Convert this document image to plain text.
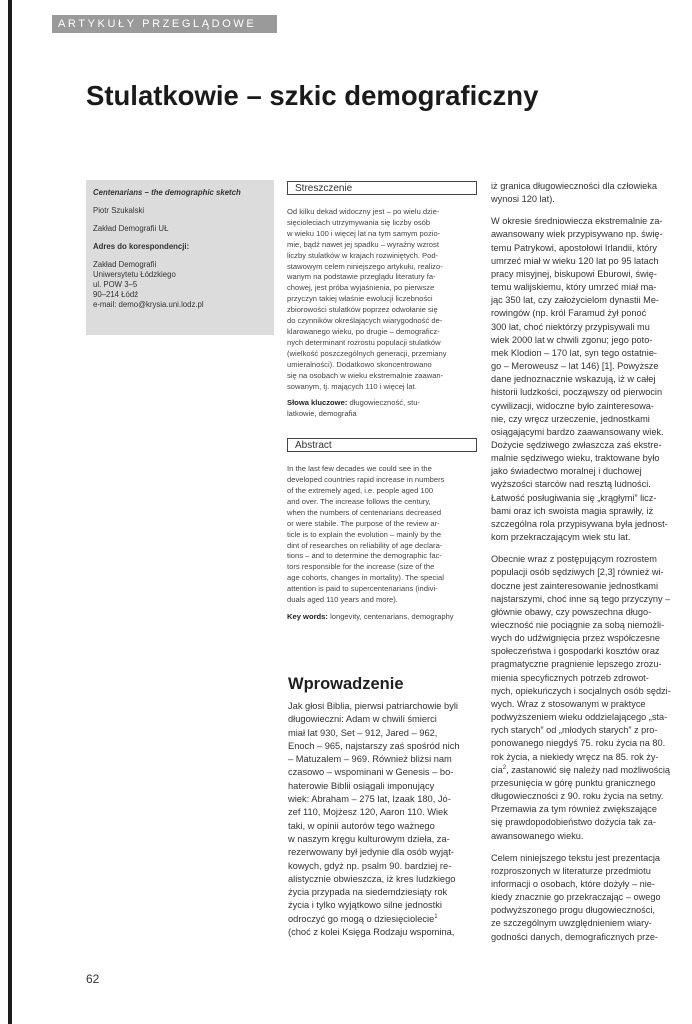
ARTYKUŁY PRZEGLĄDOWE
Stulatkowie – szkic demograficzny

Centenarians – the demographic sketch

Piotr Szukalski

Zakład Demografii UŁ

Adres do korespondencji:

Zakład Demografii

Uniwersytetu Łódzkiego

ul. POW 3–5

90–214 Łódź

e-mail: demo@krysia.uni.lodz.pl

Streszczenie

Od kilku dekad widoczny jest – po wielu dzie-

sięcioleciach utrzymywania się liczby osób

w wieku 100 i więcej lat na tym samym pozio-

mie, bądź nawet jej spadku – wyraźny wzrost

liczby stulatków w krajach rozwiniętych. Pod-

stawowym celem niniejszego artykułu, realizo-

wanym na podstawie przeglądu literatury fa-

chowej, jest próba wyjaśnienia, po pierwsze

przyczyn takiej właśnie ewolucji liczebności

zbiorowości stulatków poprzez odwołanie się

do czynników określających wiarygodność de-

klarowanego wieku, po drugie – demograficz-

nych determinant rozrostu populacji stulatków

(wielkość poszczególnych generacji, przemiany

umieralności). Dodatkowo skoncentrowano

się na osobach w wieku ekstremalnie zaawan-

sowanym, tj. mających 110 i więcej lat.

Słowa kluczowe: długowieczność, stu-
latkowie, demografia
Abstract

In the last few decades we could see in the

developed countries rapid increase in numbers

of the extremely aged, i.e. people aged 100

and over. The increase follows the century,

when the numbers of centenarians decreased

or were stabile. The purpose of the review ar-

ticle is to explain the evolution – mainly by the

dint of researches on reliability of age declara-

tions – and to determine the demographic fac-

tors responsible for the increase (size of the

age cohorts, changes in mortality). The special

attention is paid to supercentenarians (indivi-

duals aged 110 years and more).

Key words: longevity, centenarians, demography
Wprowadzenie

Jak głosi Biblia, pierwsi patriarchowie byli

długowieczni: Adam w chwili śmierci

miał lat 930, Set – 912, Jared – 962,

Enoch – 965, najstarszy zaś spośród nich

– Matuzalem – 969. Również bliżsi nam

czasowo – wspominani w Genesis – bo-

haterowie Biblii osiągali imponujący

wiek: Abraham – 275 lat, Izaak 180, Jó-

zef 110, Mojżesz 120, Aaron 110. Wiek

taki, w opinii autorów tego ważnego

w naszym kręgu kulturowym dzieła, za-

rezerwowany był jedynie dla osób wyjąt-

kowych, gdyż np. psalm 90. bardziej re-

alistycznie obwieszcza, iż kres ludzkiego

życia przypada na siedemdziesiąty rok

życia i tylko wyjątkowo silne jednostki

odroczyć go mogą o dziesięciolecie$^1$

(choć z kolei Księga Rodzaju wspomina,

iż granica długowieczności dla człowieka
wynosi 120 lat).

W okresie średniowiecza ekstremalnie za-
awansowany wiek przypisywano np. świę-
temu Patrykowi, apostołowi Irlandii, który
umrzeć miał w wieku 120 lat po 95 latach
pracy misyjnej, biskupowi Eburowi, świę-
temu walijskiemu, który umrzeć miał ma-
jąc 350 lat, czy założycielom dynastii Me-
rowingów (np. król Faramud żył ponoć
300 lat, choć niektórzy przypisywali mu
wiek 2000 lat w chwili zgonu; jego poto-
mek Klodion – 170 lat, syn tego ostatnie-
go – Meroweusz – lat 146) [1]. Powyższe
dane jednoznacznie wskazują, iż w całej
historii ludzkości, począwszy od pierwocin
cywilizacji, widoczne było zainteresowa-
nie, czy wręcz urzeczenie, jednostkami
osiągającymi bardzo zaawansowany wiek.
Dożycie sędziwego zwłaszcza zaś ekstre-
malnie sędziwego wieku, traktowane było
jako świadectwo moralnej i duchowej
wyższości starców nad resztą ludności.
Łatwość posługiwania się „krągłymi” licz-
bami oraz ich swoista magia sprawiły, iż
szczególna rola przypisywana była jednost-
kom przekraczającym wiek stu lat.

Obecnie wraz z postępującym rozrostem
populacji osób sędziwych [2,3] również wi-
doczne jest zainteresowanie jednostkami
najstarszymi, choć inne są tego przyczyny –
głównie obawy, czy powszechna długo-
wieczność nie pociągnie za sobą niemożli-
wych do udźwignięcia przez współczesne
społeczeństwa i gospodarki kosztów oraz
pragmatyczne pragnienie lepszego zrozu-
mienia specyficznych potrzeb zdrowot-
nych, opiekuńczych i socjalnych osób sędzi-
wych. Wraz z stosowanym w praktyce
podwyższeniem wieku oddzielającego „sta-
rych starych” od „młodych starych” z pro-
ponowanego niegdyś 75. roku życia na 80.
rok życia, a niekiedy wręcz na 85. rok ży-
cia$^2$, zastanowić się należy nad możliwością
przesunięcia w górę punktu granicznego
długowieczności z 90. roku życia na setny.
Przemawia za tym również zwiększające
się prawdopodobieństwo dożycia tak za-
awansowanego wieku.

Celem niniejszego tekstu jest prezentacja
rozproszonych w literaturze przedmiotu
informacji o osobach, które dożyły – nie-
kiedy znacznie go przekraczając – owego
podwyższonego progu długowieczności,
ze szczególnym uwzględnieniem wiary-
godności danych, demograficznych prze-

62
